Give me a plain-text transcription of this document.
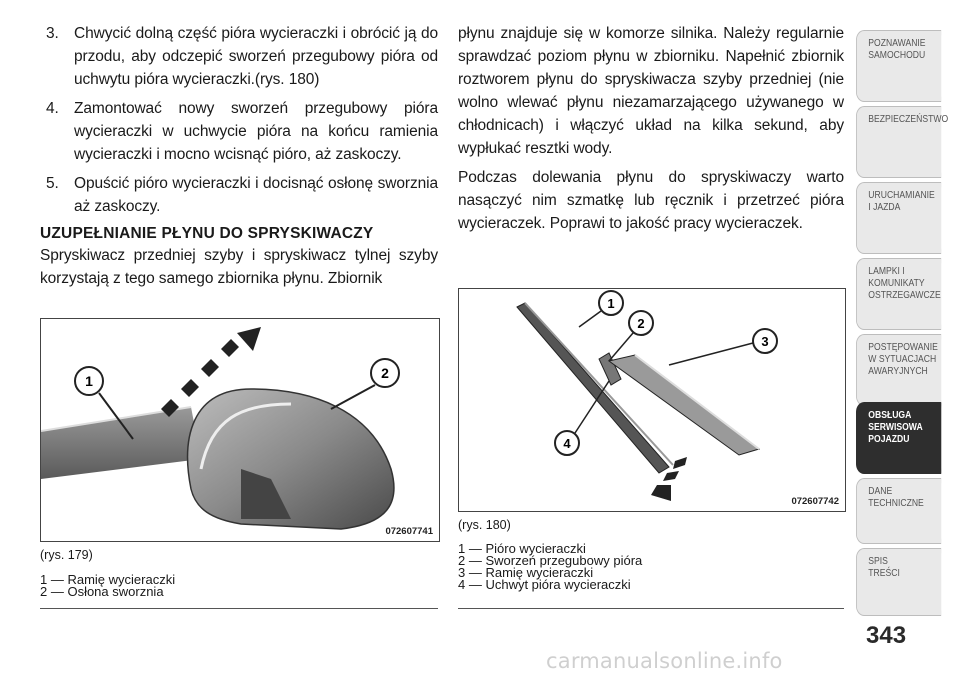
3. Chwycić dolną część pióra wycieraczki i obrócić ją do przodu, aby odczepić sworzeń przegubowy pióra od uchwytu pióra wycieraczki.(rys. 180)
4. Zamontować nowy sworzeń przegubowy pióra wycieraczki w uchwycie pióra na końcu ramienia wycieraczki i mocno wcisnąć pióro, aż zaskoczy.
5. Opuścić pióro wycieraczki i docisnąć osłonę sworznia aż zaskoczy.
UZUPEŁNIANIE PŁYNU DO SPRYSKIWACZY

Spryskiwacz przedniej szyby i spryskiwacz tylnej szyby korzystają z tego samego zbiornika płynu. Zbiornik

płynu znajduje się w komorze silnika. Należy regularnie sprawdzać poziom płynu w zbiorniku. Napełnić zbiornik roztworem płynu do spryskiwacza szyby przedniej (nie wolno wlewać płynu niezamarzającego używanego w chłodnicach) i włączyć układ na kilka sekund, aby wypłukać resztki wody.

Podczas dolewania płynu do spryskiwaczy warto nasączyć nim szmatkę lub ręcznik i przetrzeć pióra wycieraczek. Poprawi to jakość pracy wycieraczek.

1	2
072607741
(rys. 179)
1 — Ramię wycieraczki
2 — Osłona sworznia
1
2
3
4
072607742
(rys. 180)
1 — Pióro wycieraczki
2 — Sworzeń przegubowy pióra
3 — Ramię wycieraczki
4 — Uchwyt pióra wycieraczki
POZNAWANIE
SAMOCHODU
BEZPIECZEŃSTWO
URUCHAMIANIE
I JAZDA
LAMPKI I
KOMUNIKATY
OSTRZEGAWCZE
POSTĘPOWANIE
W SYTUACJACH
AWARYJNYCH
OBSŁUGA
SERWISOWA
POJAZDU
DANE
TECHNICZNE
SPIS
TREŚCI
343
carmanualsonline.info
